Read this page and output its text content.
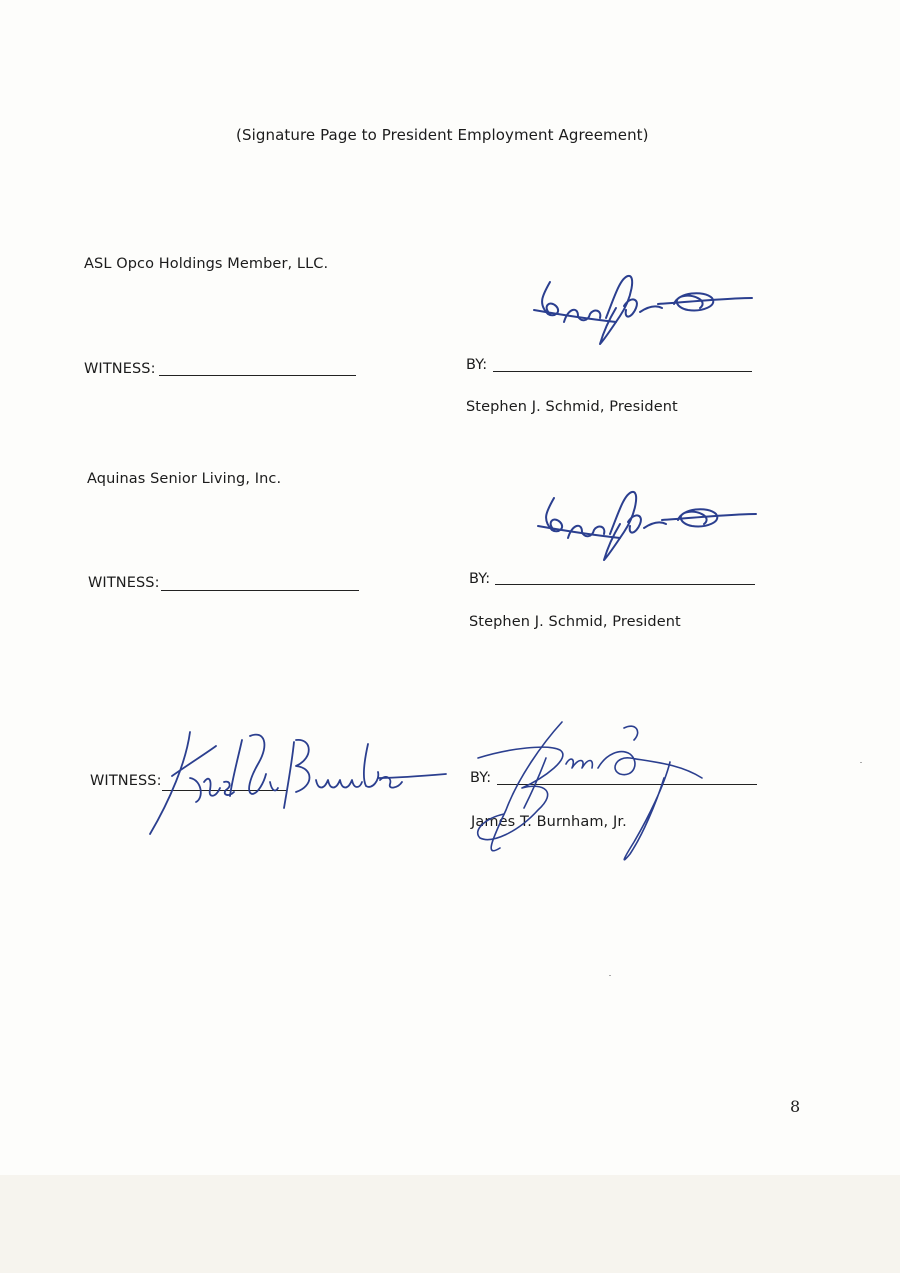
(Signature Page to President Employment Agreement)
ASL Opco Holdings Member, LLC.
WITNESS:	BY:
Stephen J. Schmid, President
Aquinas Senior Living, Inc.
WITNESS:	BY:
Stephen J. Schmid, President
WITNESS:	BY:
James T. Burnham, Jr.
8
